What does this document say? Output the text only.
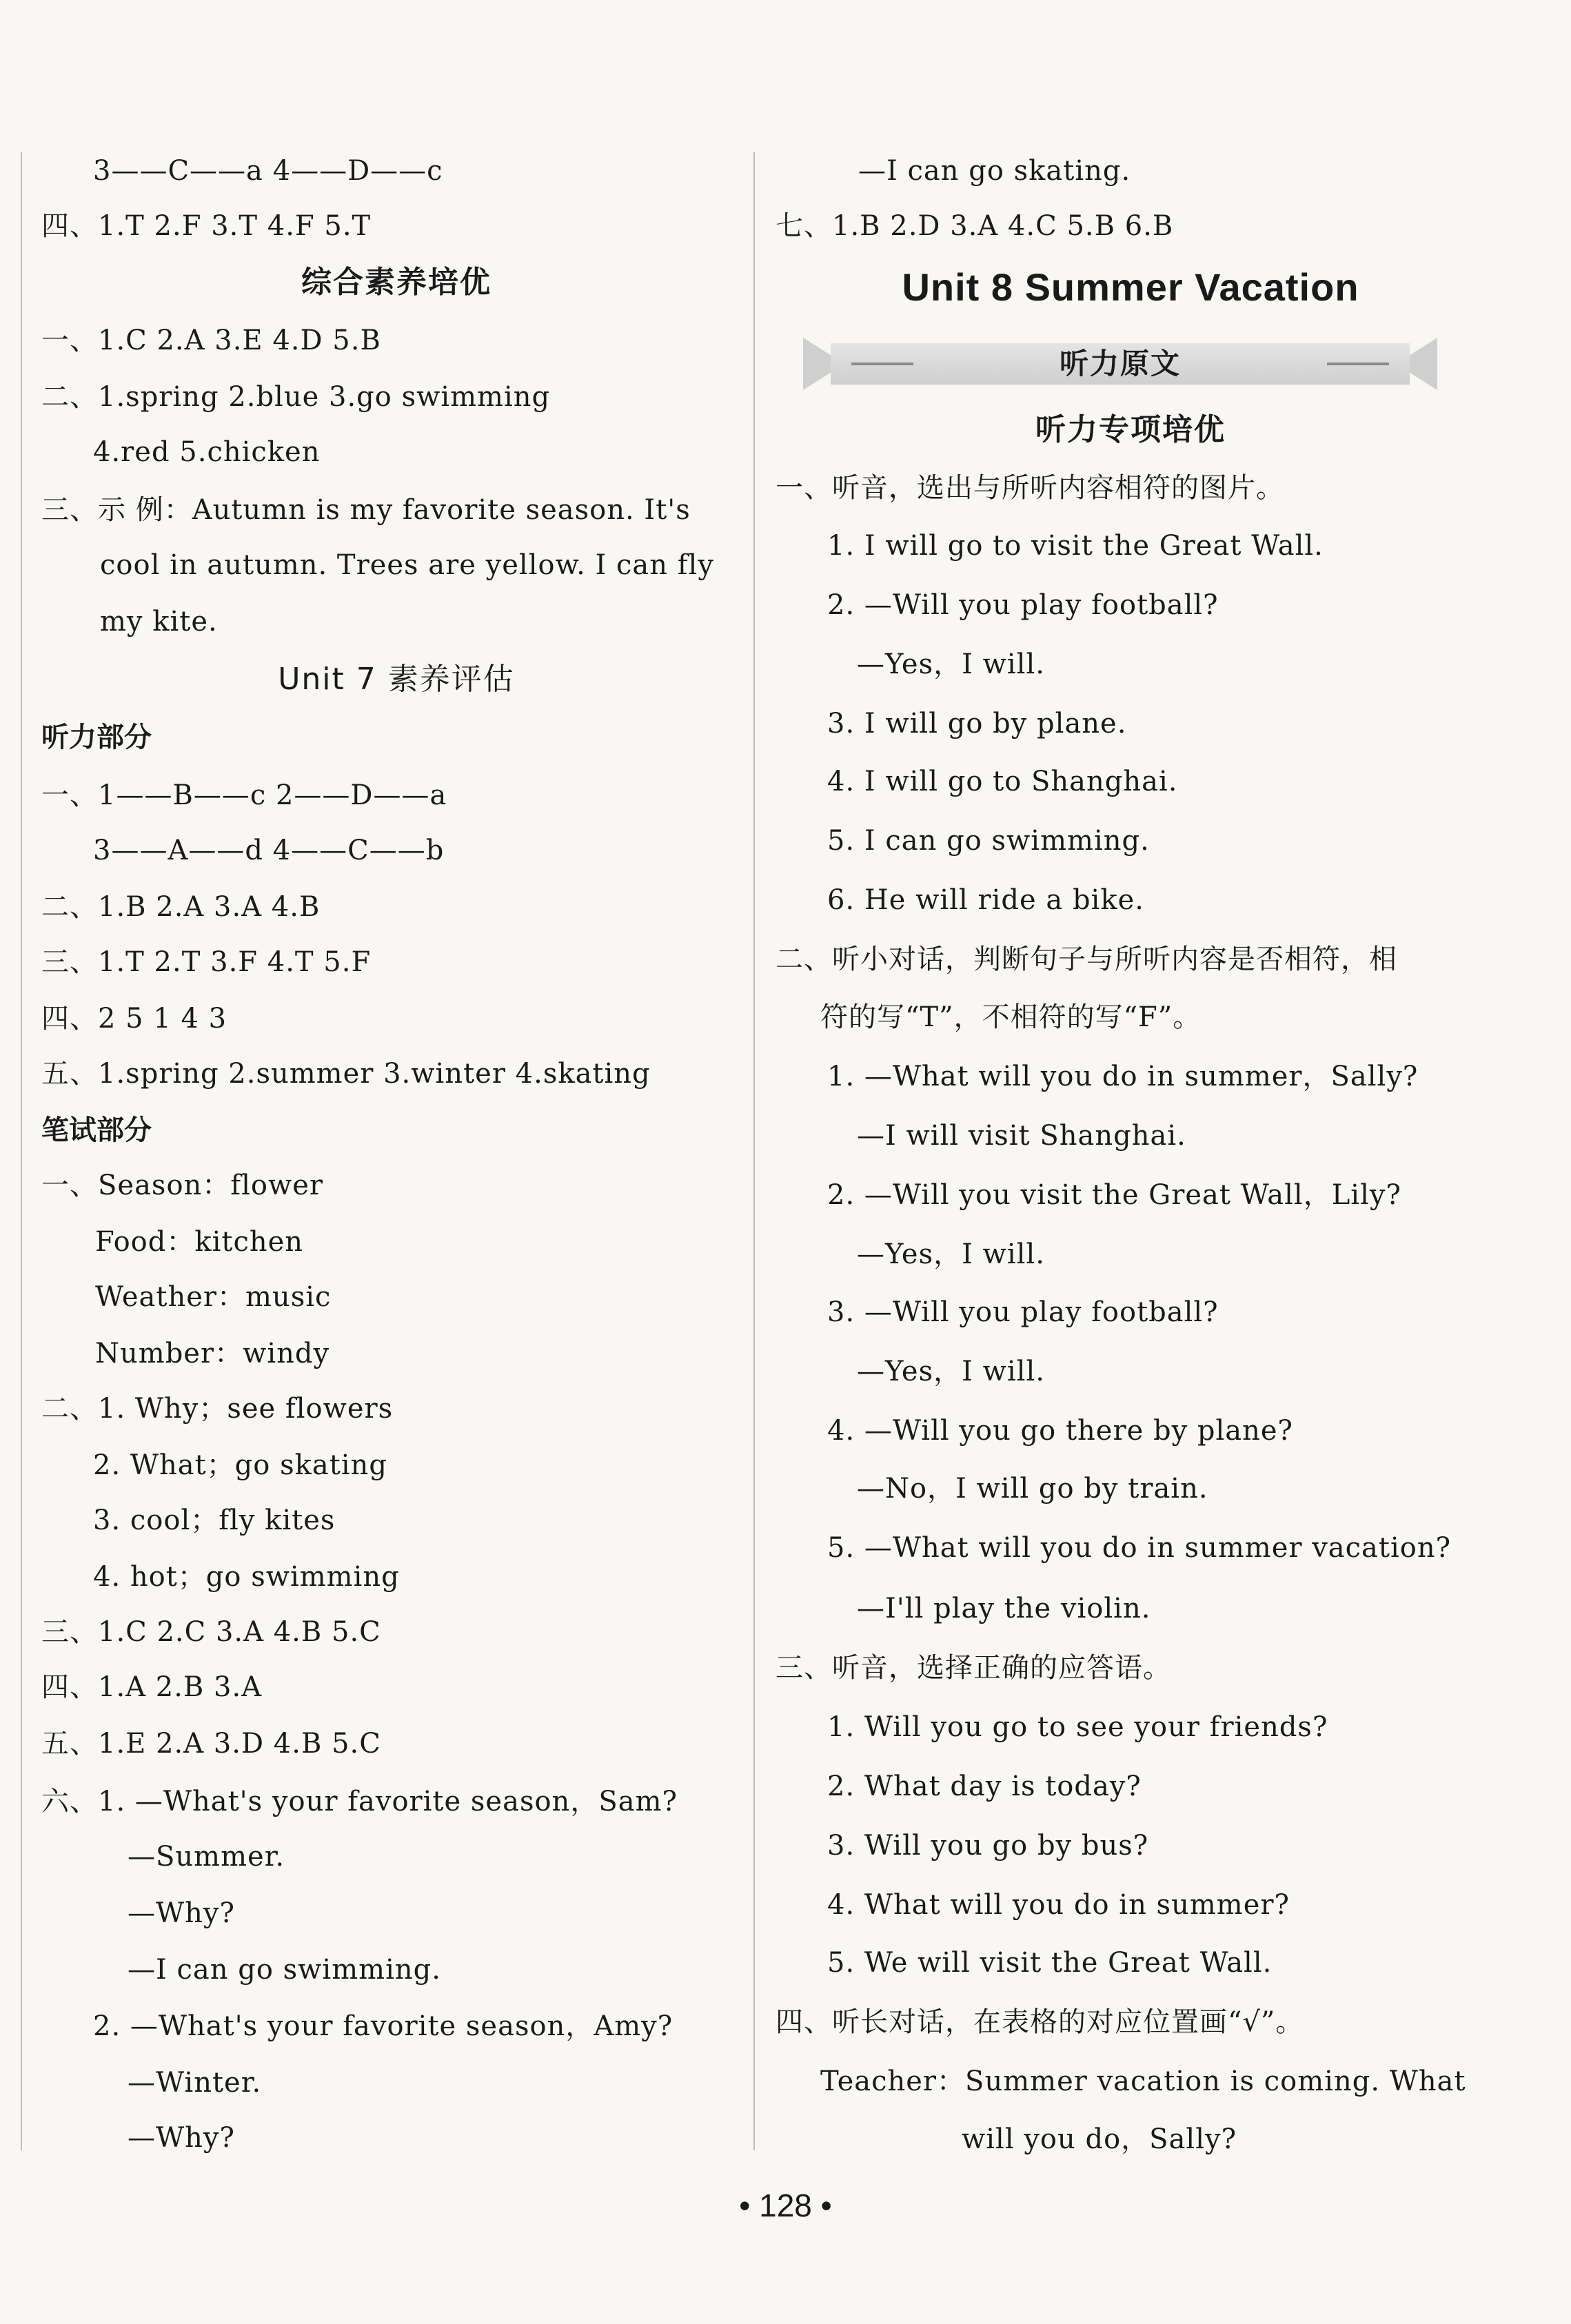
3——C——a 4——D——c
四、1.T 2.F 3.T 4.F 5.T
综合素养培优
一、1.C 2.A 3.E 4.D 5.B
二、1.spring 2.blue 3.go swimming
4.red 5.chicken
三、示 例：Autumn is my favorite season. It's
cool in autumn. Trees are yellow. I can fly
my kite.
Unit 7 素养评估
听力部分
一、1——B——c 2——D——a
3——A——d 4——C——b
二、1.B 2.A 3.A 4.B
三、1.T 2.T 3.F 4.T 5.F
四、2 5 1 4 3
五、1.spring 2.summer 3.winter 4.skating
笔试部分
一、Season：flower
Food：kitchen
Weather：music
Number：windy
二、1. Why；see flowers
2. What；go skating
3. cool；fly kites
4. hot；go swimming
三、1.C 2.C 3.A 4.B 5.C
四、1.A 2.B 3.A
五、1.E 2.A 3.D 4.B 5.C
六、1. —What's your favorite season，Sam?
—Summer.
—Why?
—I can go swimming.
2. —What's your favorite season，Amy?
—Winter.
—Why?
—I can go skating.
七、1.B 2.D 3.A 4.C 5.B 6.B
Unit 8 Summer Vacation
听力原文
听力专项培优
一、听音，选出与所听内容相符的图片。
1. I will go to visit the Great Wall.
2. —Will you play football?
—Yes，I will.
3. I will go by plane.
4. I will go to Shanghai.
5. I can go swimming.
6. He will ride a bike.
二、听小对话，判断句子与所听内容是否相符，相
符的写“T”，不相符的写“F”。
1. —What will you do in summer，Sally?
—I will visit Shanghai.
2. —Will you visit the Great Wall，Lily?
—Yes，I will.
3. —Will you play football?
—Yes，I will.
4. —Will you go there by plane?
—No，I will go by train.
5. —What will you do in summer vacation?
—I'll play the violin.
三、听音，选择正确的应答语。
1. Will you go to see your friends?
2. What day is today?
3. Will you go by bus?
4. What will you do in summer?
5. We will visit the Great Wall.
四、听长对话，在表格的对应位置画“√”。
Teacher：Summer vacation is coming. What
will you do，Sally?
• 128 •
